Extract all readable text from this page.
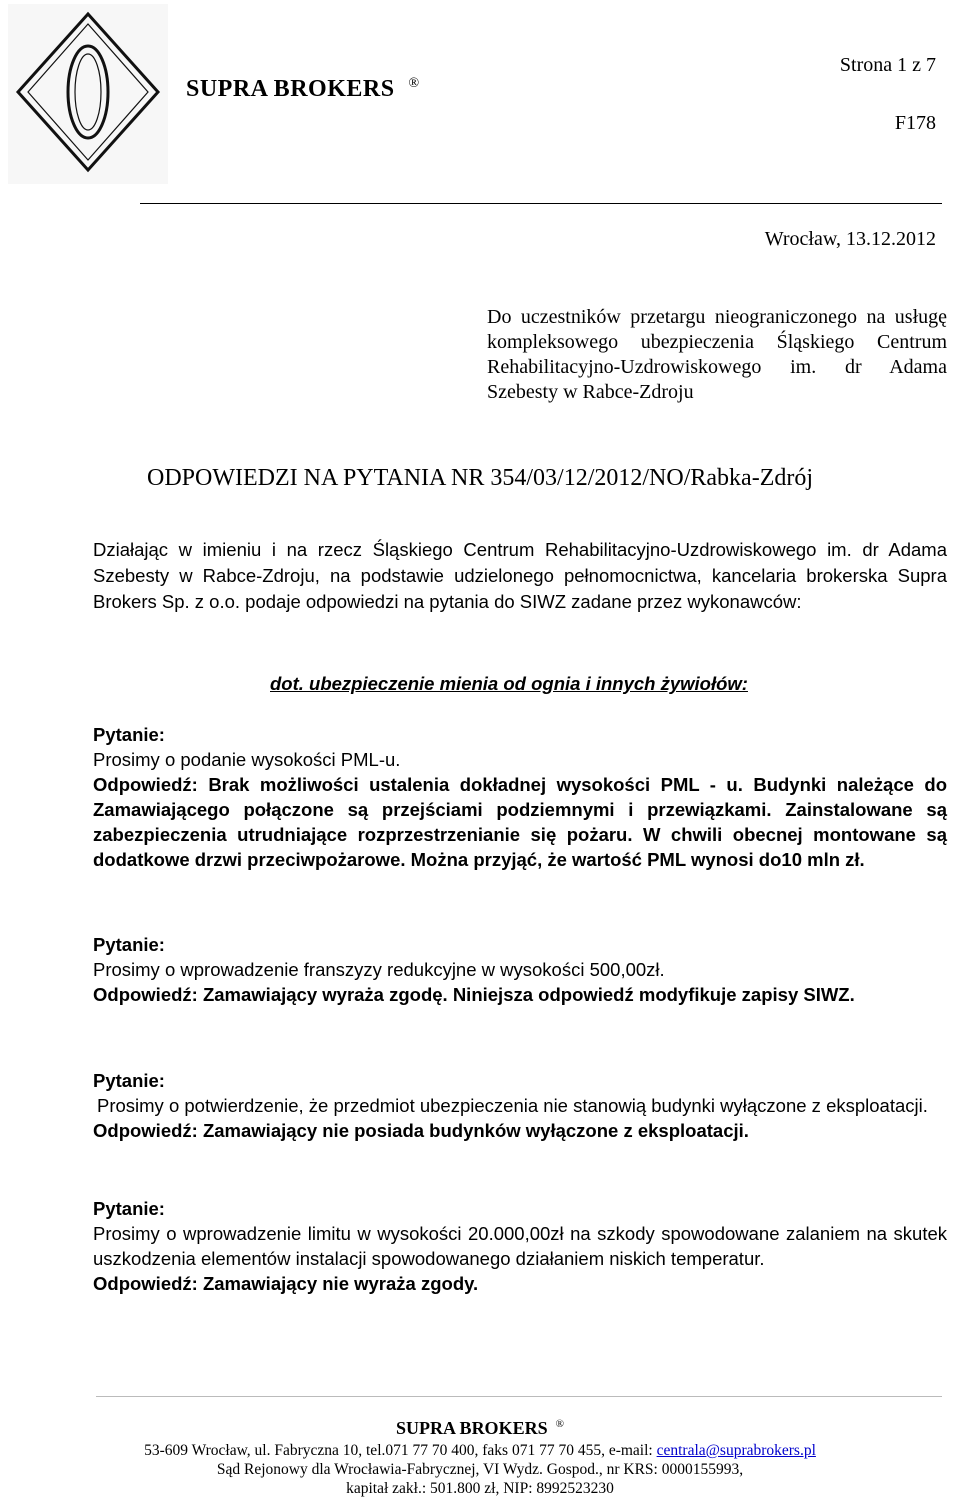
SUPRA BROKERS ®
Strona 1 z 7
F178
Wrocław, 13.12.2012
Do uczestników przetargu nieograniczonego na usługę kompleksowego ubezpieczenia Śląskiego Centrum Rehabilitacyjno-Uzdrowiskowego im. dr Adama Szebesty w Rabce-Zdroju
ODPOWIEDZI NA PYTANIA NR 354/03/12/2012/NO/Rabka-Zdrój
Działając w imieniu i na rzecz Śląskiego Centrum Rehabilitacyjno-Uzdrowiskowego im. dr Adama Szebesty w Rabce-Zdroju, na podstawie udzielonego pełnomocnictwa, kancelaria brokerska Supra Brokers Sp. z o.o. podaje odpowiedzi na pytania do SIWZ zadane przez wykonawców:
dot. ubezpieczenie mienia od ognia i innych żywiołów:
Pytanie:
Prosimy o podanie wysokości PML-u.
Odpowiedź: Brak możliwości ustalenia dokładnej wysokości PML - u. Budynki należące do Zamawiającego połączone są przejściami podziemnymi i przewiązkami. Zainstalowane są zabezpieczenia utrudniające rozprzestrzenianie się pożaru. W chwili obecnej montowane są dodatkowe drzwi przeciwpożarowe. Można przyjąć, że wartość PML wynosi do10 mln zł.
Pytanie:
Prosimy o wprowadzenie franszyzy redukcyjne w wysokości 500,00zł.
Odpowiedź: Zamawiający wyraża zgodę. Niniejsza odpowiedź modyfikuje zapisy SIWZ.
Pytanie:
Prosimy o potwierdzenie, że przedmiot ubezpieczenia nie stanowią budynki wyłączone z eksploatacji.
Odpowiedź: Zamawiający nie posiada budynków wyłączone z eksploatacji.
Pytanie:
Prosimy o wprowadzenie limitu w wysokości 20.000,00zł na szkody spowodowane zalaniem na skutek uszkodzenia elementów instalacji spowodowanego działaniem niskich temperatur.
Odpowiedź: Zamawiający nie wyraża zgody.
SUPRA BROKERS ®
53-609 Wrocław, ul. Fabryczna 10, tel.071 77 70 400, faks 071 77 70 455, e-mail: centrala@suprabrokers.pl
Sąd Rejonowy dla Wrocławia-Fabrycznej, VI Wydz. Gospod., nr KRS: 0000155993,
kapitał zakł.: 501.800 zł, NIP: 8992523230
